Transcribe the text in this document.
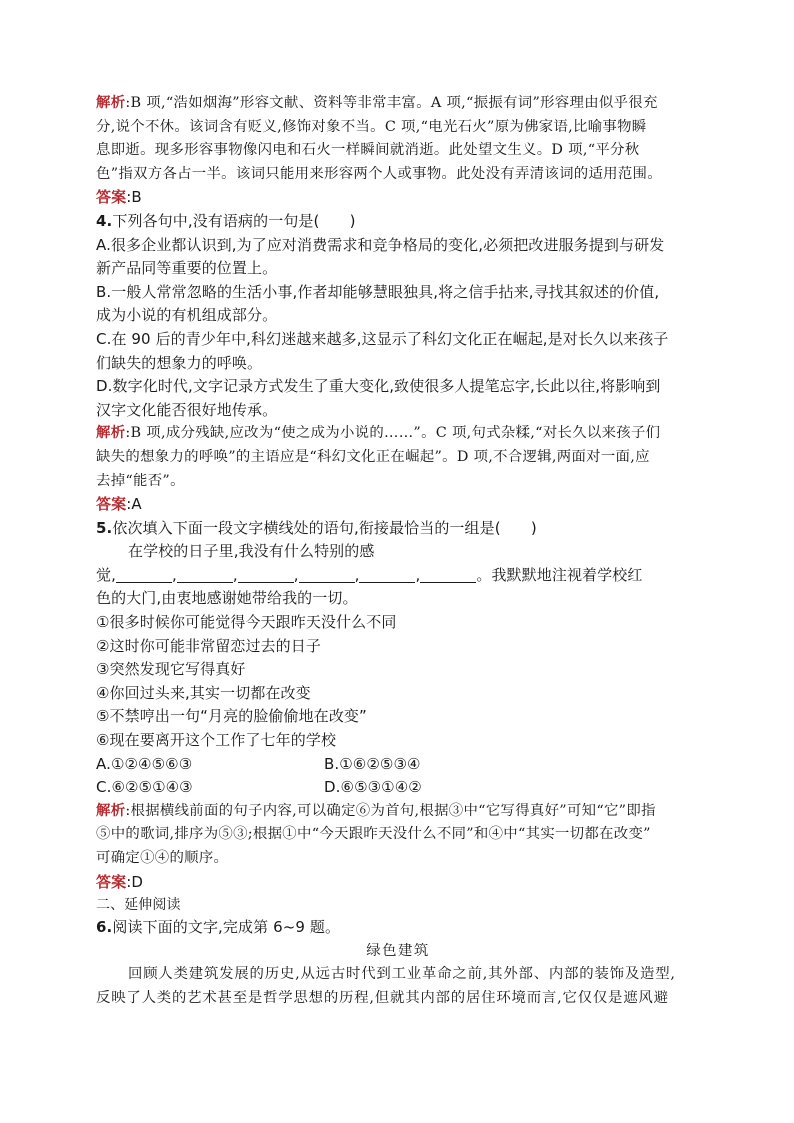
解析:B 项,“浩如烟海”形容文献、资料等非常丰富。A 项,“振振有词”形容理由似乎很充
分,说个不休。该词含有贬义,修饰对象不当。C 项,“电光石火”原为佛家语,比喻事物瞬
息即逝。现多形容事物像闪电和石火一样瞬间就消逝。此处望文生义。D 项,“平分秋
色”指双方各占一半。该词只能用来形容两个人或事物。此处没有弄清该词的适用范围。
答案:B
4.下列各句中,没有语病的一句是(　　)
A.很多企业都认识到,为了应对消费需求和竞争格局的变化,必须把改进服务提到与研发
新产品同等重要的位置上。
B.一般人常常忽略的生活小事,作者却能够慧眼独具,将之信手拈来,寻找其叙述的价值,
成为小说的有机组成部分。
C.在 90 后的青少年中,科幻迷越来越多,这显示了科幻文化正在崛起,是对长久以来孩子
们缺失的想象力的呼唤。
D.数字化时代,文字记录方式发生了重大变化,致使很多人提笔忘字,长此以往,将影响到
汉字文化能否很好地传承。
解析:B 项,成分残缺,应改为“使之成为小说的……”。C 项,句式杂糅,“对长久以来孩子们
缺失的想象力的呼唤”的主语应是“科幻文化正在崛起”。D 项,不合逻辑,两面对一面,应
去掉“能否”。
答案:A
5.依次填入下面一段文字横线处的语句,衔接最恰当的一组是(　　)
在学校的日子里,我没有什么特别的感
觉,	,	,	,	,	,	。我默默地注视着学校红
色的大门,由衷地感谢她带给我的一切。
①很多时候你可能觉得今天跟昨天没什么不同
②这时你可能非常留恋过去的日子
③突然发现它写得真好
④你回过头来,其实一切都在改变
⑤不禁哼出一句“月亮的脸偷偷地在改变”
⑥现在要离开这个工作了七年的学校
A.①②④⑤⑥③	B.①⑥②⑤③④
C.⑥②⑤①④③	D.⑥⑤③①④②
解析:根据横线前面的句子内容,可以确定⑥为首句,根据③中“它写得真好”可知“它”即指
⑤中的歌词,排序为⑤③;根据①中“今天跟昨天没什么不同”和④中“其实一切都在改变”
可确定①④的顺序。
答案:D
二、延伸阅读
6.阅读下面的文字,完成第 6~9 题。
绿色建筑
回顾人类建筑发展的历史,从远古时代到工业革命之前,其外部、内部的装饰及造型,
反映了人类的艺术甚至是哲学思想的历程,但就其内部的居住环境而言,它仅仅是遮风避
